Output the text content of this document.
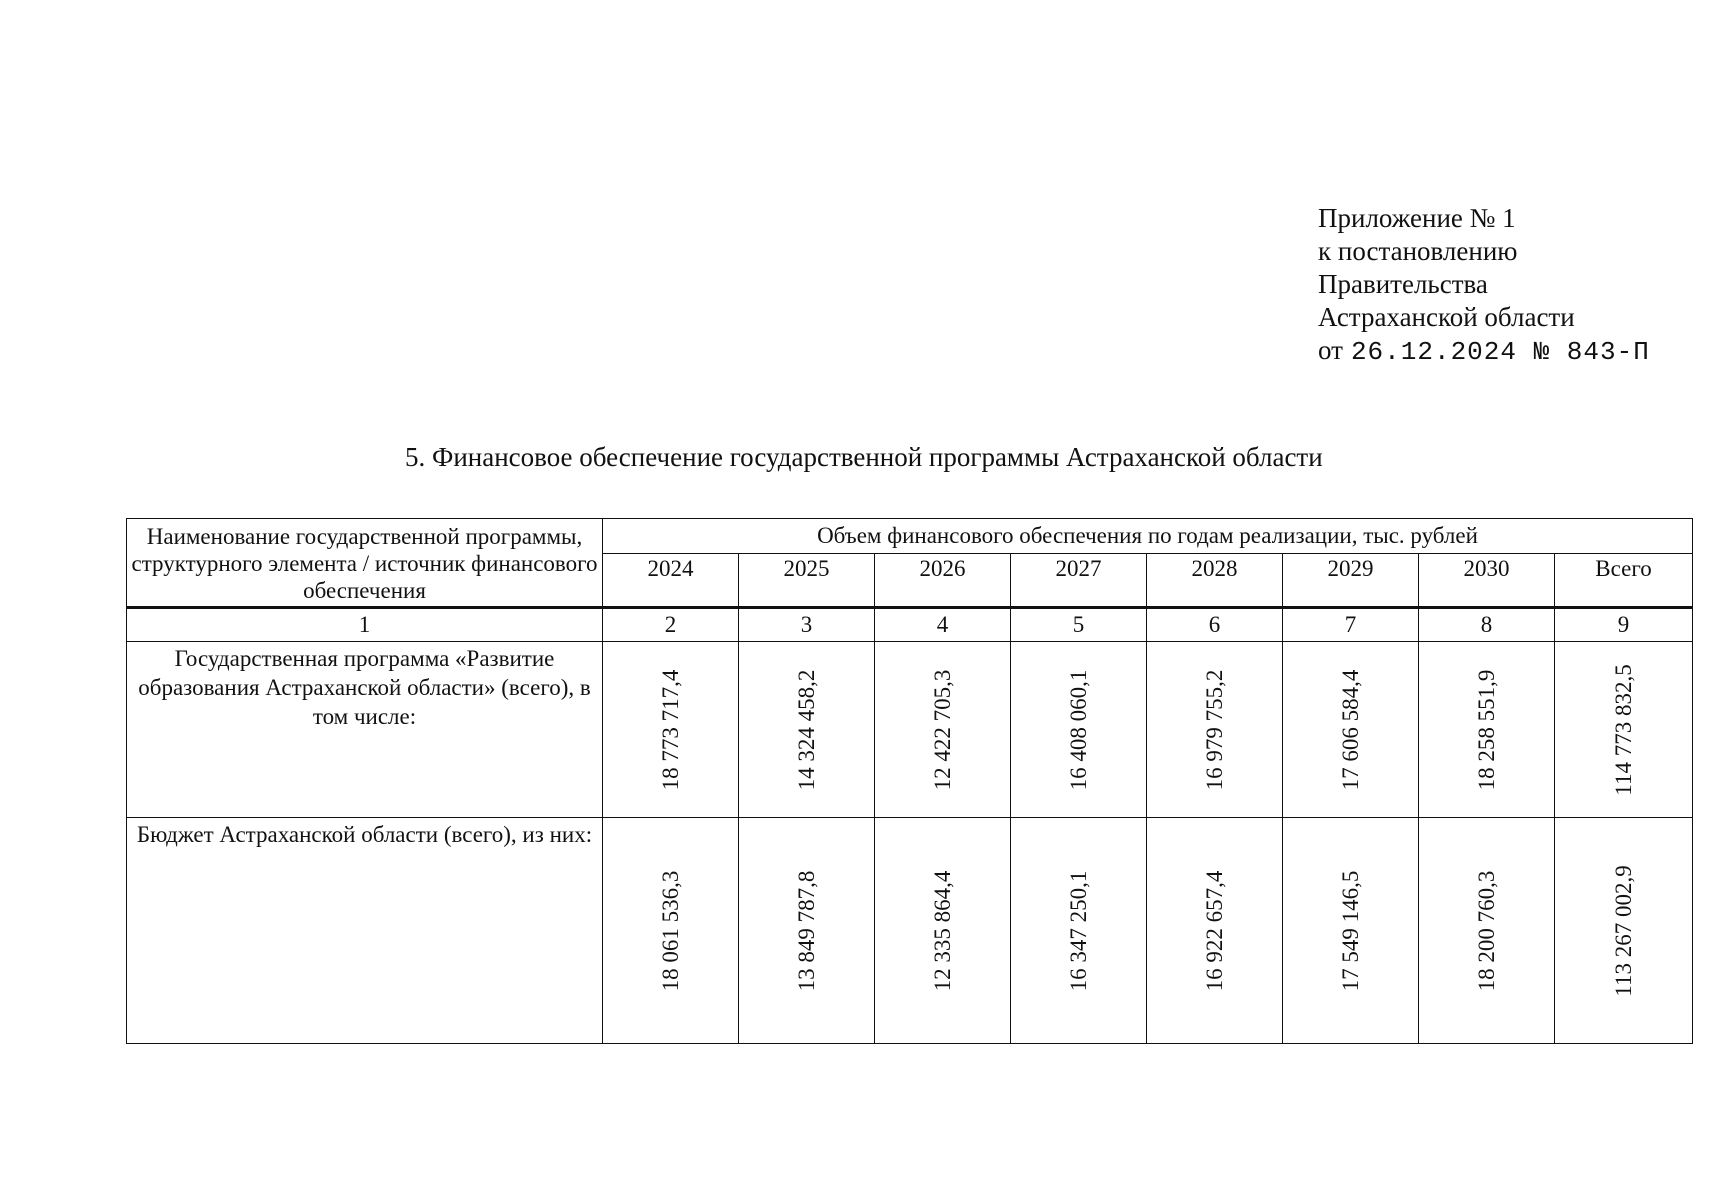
Приложение № 1
к постановлению
Правительства
Астраханской области
от 26.12.2024 № 843-П
5. Финансовое обеспечение государственной программы Астраханской области
Наименование государственной программы, структурного элемента / источник финансового обеспечения	Объем финансового обеспечения по годам реализации, тыс. рублей							
	2024	2025	2026	2027	2028	2029	2030	Всего
1	2	3	4	5	6	7	8	9
Государственная программа «Развитие образования Астраханской области» (всего), в том числе:	18 773 717,4	14 324 458,2	12 422 705,3	16 408 060,1	16 979 755,2	17 606 584,4	18 258 551,9	114 773 832,5

Бюджет Астраханской области (всего), из них:	18 061 536,3	13 849 787,8	12 335 864,4	16 347 250,1	16 922 657,4	17 549 146,5	18 200 760,3	113 267 002,9
